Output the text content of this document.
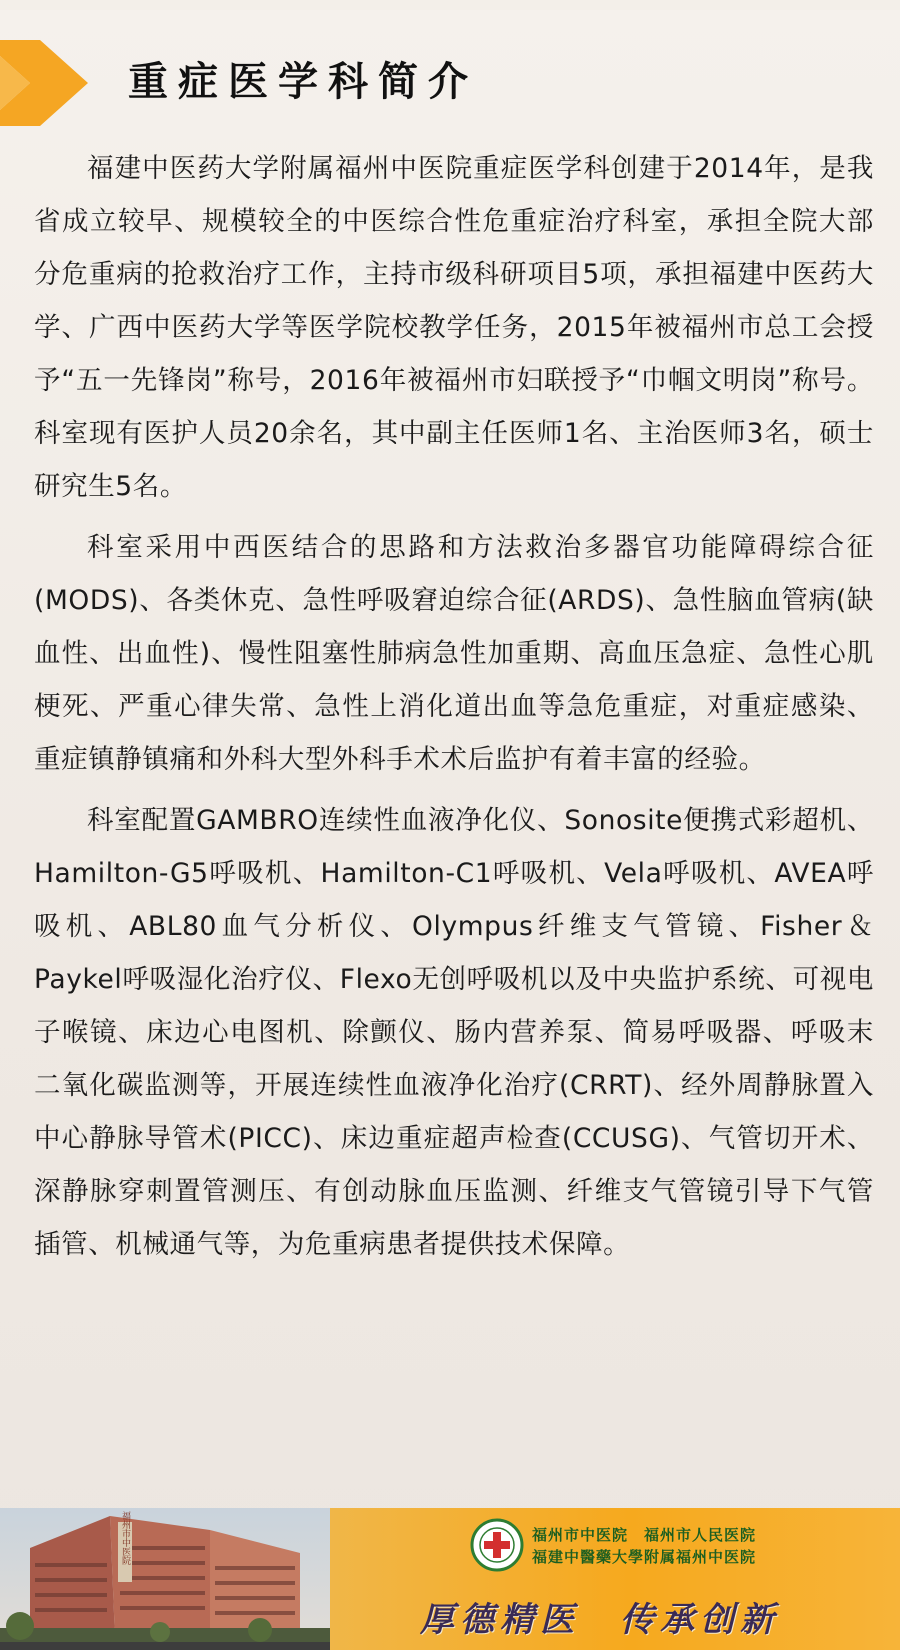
重症医学科简介

福建中医药大学附属福州中医院重症医学科创建于2014年，是我省成立较早、规模较全的中医综合性危重症治疗科室，承担全院大部分危重病的抢救治疗工作，主持市级科研项目5项，承担福建中医药大学、广西中医药大学等医学院校教学任务，2015年被福州市总工会授予“五一先锋岗”称号，2016年被福州市妇联授予“巾帼文明岗”称号。科室现有医护人员20余名，其中副主任医师1名、主治医师3名，硕士研究生5名。

科室采用中西医结合的思路和方法救治多器官功能障碍综合征(MODS)、各类休克、急性呼吸窘迫综合征(ARDS)、急性脑血管病(缺血性、出血性)、慢性阻塞性肺病急性加重期、高血压急症、急性心肌梗死、严重心律失常、急性上消化道出血等急危重症，对重症感染、重症镇静镇痛和外科大型外科手术术后监护有着丰富的经验。

科室配置GAMBRO连续性血液净化仪、Sonosite便携式彩超机、Hamilton-G5呼吸机、Hamilton-C1呼吸机、Vela呼吸机、AVEA呼吸机、ABL80血气分析仪、Olympus纤维支气管镜、Fisher＆Paykel呼吸湿化治疗仪、Flexo无创呼吸机以及中央监护系统、可视电子喉镜、床边心电图机、除颤仪、肠内营养泵、简易呼吸器、呼吸末二氧化碳监测等，开展连续性血液净化治疗(CRRT)、经外周静脉置入中心静脉导管术(PICC)、床边重症超声检查(CCUSG)、气管切开术、深静脉穿刺置管测压、有创动脉血压监测、纤维支气管镜引导下气管插管、机械通气等，为危重病患者提供技术保障。

福州市中医院	福州市中医院　福州市人民医院
福建中醫藥大學附属福州中医院
厚德精医　传承创新
